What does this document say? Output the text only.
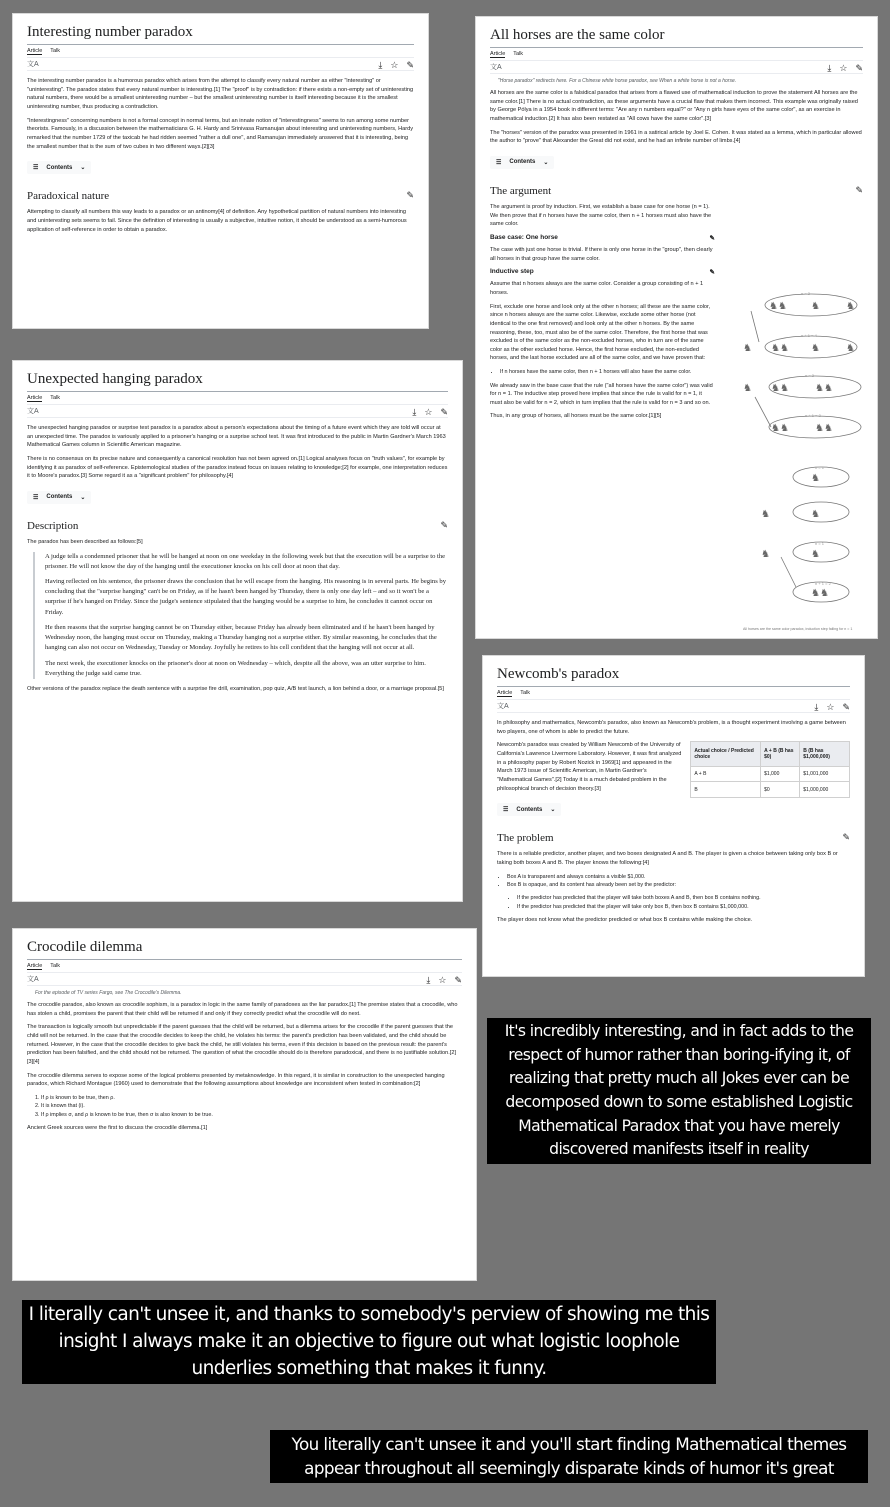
Interesting number paradox
Article Talk
文A	⤓ ☆ ✎

The interesting number paradox is a humorous paradox which arises from the attempt to classify every natural number as either "interesting" or "uninteresting". The paradox states that every natural number is interesting.[1] The "proof" is by contradiction: if there exists a non-empty set of uninteresting natural numbers, there would be a smallest uninteresting number – but the smallest uninteresting number is itself interesting because it is the smallest uninteresting number, thus producing a contradiction.

"Interestingness" concerning numbers is not a formal concept in normal terms, but an innate notion of "interestingness" seems to run among some number theorists. Famously, in a discussion between the mathematicians G. H. Hardy and Srinivasa Ramanujan about interesting and uninteresting numbers, Hardy remarked that the number 1729 of the taxicab he had ridden seemed "rather a dull one", and Ramanujan immediately answered that it is interesting, being the smallest number that is the sum of two cubes in two different ways.[2][3]

☰ Contents ⌄
Paradoxical nature	✎

Attempting to classify all numbers this way leads to a paradox or an antinomy[4] of definition. Any hypothetical partition of natural numbers into interesting and uninteresting sets seems to fail. Since the definition of interesting is usually a subjective, intuitive notion, it should be understood as a semi-humorous application of self-reference in order to obtain a paradox.

All horses are the same color
Article Talk
文A	⤓ ☆ ✎
"Horse paradox" redirects here. For a Chinese white horse paradox, see When a white horse is not a horse.

All horses are the same color is a falsidical paradox that arises from a flawed use of mathematical induction to prove the statement All horses are the same color.[1] There is no actual contradiction, as these arguments have a crucial flaw that makes them incorrect. This example was originally raised by George Pólya in a 1954 book in different terms: "Are any n numbers equal?" or "Any n girls have eyes of the same color", as an exercise in mathematical induction.[2] It has also been restated as "All cows have the same color".[3]

The "horses" version of the paradox was presented in 1961 in a satirical article by Joel E. Cohen. It was stated as a lemma, which in particular allowed the author to "prove" that Alexander the Great did not exist, and he had an infinite number of limbs.[4]

☰ Contents ⌄
The argument	✎

The argument is proof by induction. First, we establish a base case for one horse (n = 1). We then prove that if n horses have the same color, then n + 1 horses must also have the same color.

Base case: One horse	✎

The case with just one horse is trivial. If there is only one horse in the "group", then clearly all horses in that group have the same color.

Inductive step	✎

Assume that n horses always are the same color. Consider a group consisting of n + 1 horses.

First, exclude one horse and look only at the other n horses; all these are the same color, since n horses always are the same color. Likewise, exclude some other horse (not identical to the one first removed) and look only at the other n horses. By the same reasoning, these, too, must also be of the same color. Therefore, the first horse that was excluded is of the same color as the non-excluded horses, who in turn are of the same color as the other excluded horse. Hence, the first horse excluded, the non-excluded horses, and the last horse excluded are all of the same color, and we have proven that:

• If n horses have the same color, then n + 1 horses will also have the same color.

We already saw in the base case that the rule ("all horses have the same color") was valid for n = 1. The inductive step proved here implies that since the rule is valid for n = 1, it must also be valid for n = 2, which in turn implies that the rule is valid for n = 3 and so on.

Thus, in any group of horses, all horses must be the same color.[1][5]

n = 3
n + 1 = 4
n = 3
n + 1 = 2
n = 1
n = 1
n + 1 = 2
♞♞ ♞	♞
♞ ♞♞ ♞	♞
♞ ♞♞	♞♞
♞♞	♞♞
♞
♞	♞
♞	♞
♞♞
All horses are the same color paradox, induction step failing for n = 1
Unexpected hanging paradox
Article Talk
文A	⤓ ☆ ✎

The unexpected hanging paradox or surprise test paradox is a paradox about a person's expectations about the timing of a future event which they are told will occur at an unexpected time. The paradox is variously applied to a prisoner's hanging or a surprise school test. It was first introduced to the public in Martin Gardner's March 1963 Mathematical Games column in Scientific American magazine.

There is no consensus on its precise nature and consequently a canonical resolution has not been agreed on.[1] Logical analyses focus on "truth values", for example by identifying it as paradox of self-reference. Epistemological studies of the paradox instead focus on issues relating to knowledge;[2] for example, one interpretation reduces it to Moore's paradox.[3] Some regard it as a "significant problem" for philosophy.[4]

☰ Contents ⌄
Description	✎

The paradox has been described as follows:[5]

A judge tells a condemned prisoner that he will be hanged at noon on one weekday in the following week but that the execution will be a surprise to the prisoner. He will not know the day of the hanging until the executioner knocks on his cell door at noon that day.

Having reflected on his sentence, the prisoner draws the conclusion that he will escape from the hanging. His reasoning is in several parts. He begins by concluding that the "surprise hanging" can't be on Friday, as if he hasn't been hanged by Thursday, there is only one day left – and so it won't be a surprise if he's hanged on Friday. Since the judge's sentence stipulated that the hanging would be a surprise to him, he concludes it cannot occur on Friday.

He then reasons that the surprise hanging cannot be on Thursday either, because Friday has already been eliminated and if he hasn't been hanged by Wednesday noon, the hanging must occur on Thursday, making a Thursday hanging not a surprise either. By similar reasoning, he concludes that the hanging can also not occur on Wednesday, Tuesday or Monday. Joyfully he retires to his cell confident that the hanging will not occur at all.

The next week, the executioner knocks on the prisoner's door at noon on Wednesday – which, despite all the above, was an utter surprise to him. Everything the judge said came true.

Other versions of the paradox replace the death sentence with a surprise fire drill, examination, pop quiz, A/B test launch, a lion behind a door, or a marriage proposal.[5]

Newcomb's paradox
Article Talk
文A	⤓ ☆ ✎

In philosophy and mathematics, Newcomb's paradox, also known as Newcomb's problem, is a thought experiment involving a game between two players, one of whom is able to predict the future.

Newcomb's paradox was created by William Newcomb of the University of California's Lawrence Livermore Laboratory. However, it was first analyzed in a philosophy paper by Robert Nozick in 1969[1] and appeared in the March 1973 issue of Scientific American, in Martin Gardner's "Mathematical Games".[2] Today it is a much debated problem in the philosophical branch of decision theory.[3]

Actual choice / Predicted choice	A + B (B has $0)	B (B has $1,000,000)
A + B	$1,000	$1,001,000
B	$0	$1,000,000
☰ Contents ⌄
The problem	✎

There is a reliable predictor, another player, and two boxes designated A and B. The player is given a choice between taking only box B or taking both boxes A and B. The player knows the following:[4]

• Box A is transparent and always contains a visible $1,000.
• Box B is opaque, and its content has already been set by the predictor:
• If the predictor has predicted that the player will take both boxes A and B, then box B contains nothing.
• If the predictor has predicted that the player will take only box B, then box B contains $1,000,000.

The player does not know what the predictor predicted or what box B contains while making the choice.

Crocodile dilemma
Article Talk
文A	⤓ ☆ ✎
For the episode of TV series Fargo, see The Crocodile's Dilemma.

The crocodile paradox, also known as crocodile sophism, is a paradox in logic in the same family of paradoxes as the liar paradox.[1] The premise states that a crocodile, who has stolen a child, promises the parent that their child will be returned if and only if they correctly predict what the crocodile will do next.

The transaction is logically smooth but unpredictable if the parent guesses that the child will be returned, but a dilemma arises for the crocodile if the parent guesses that the child will not be returned. In the case that the crocodile decides to keep the child, he violates his terms: the parent's prediction has been validated, and the child should be returned. However, in the case that the crocodile decides to give back the child, he still violates his terms, even if this decision is based on the previous result: the parent's prediction has been falsified, and the child should not be returned. The question of what the crocodile should do is therefore paradoxical, and there is no justifiable solution.[2][3][4]

The crocodile dilemma serves to expose some of the logical problems presented by metaknowledge. In this regard, it is similar in construction to the unexpected hanging paradox, which Richard Montague (1960) used to demonstrate that the following assumptions about knowledge are inconsistent when tested in combination:[2]

1. If ρ is known to be true, then ρ.
2. It is known that (i).
3. If ρ implies σ, and ρ is known to be true, then σ is also known to be true.

Ancient Greek sources were the first to discuss the crocodile dilemma.[1]

It's incredibly interesting, and in fact adds to the respect of humor rather than boring-ifying it, of realizing that pretty much all Jokes ever can be decomposed down to some established Logistic Mathematical Paradox that you have merely discovered manifests itself in reality
I literally can't unsee it, and thanks to somebody's perview of showing me this insight I always make it an objective to figure out what logistic loophole underlies something that makes it funny.
You literally can't unsee it and you'll start finding Mathematical themes appear throughout all seemingly disparate kinds of humor it's great
